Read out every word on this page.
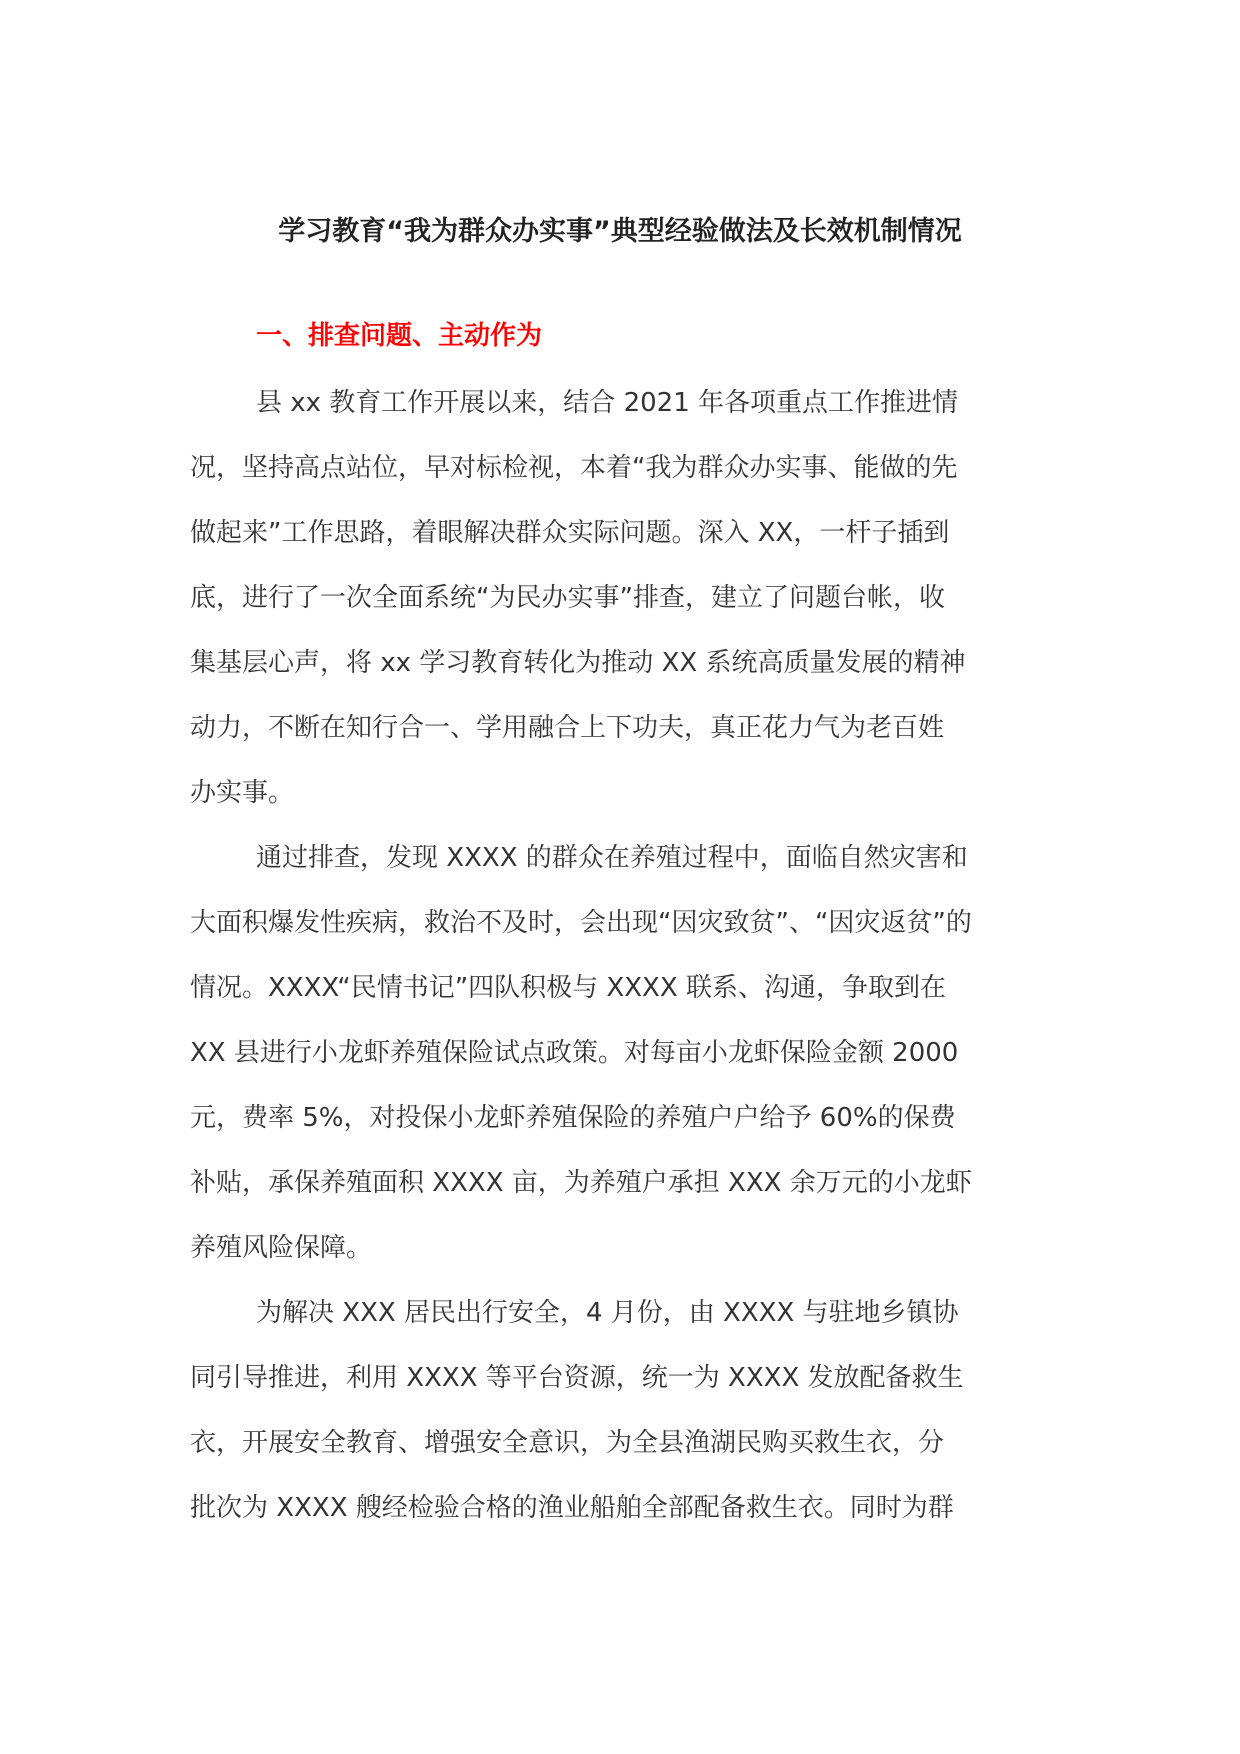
学习教育“我为群众办实事”典型经验做法及长效机制情况
一、排查问题、主动作为
县 xx 教育工作开展以来，结合 2021 年各项重点工作推进情
况，坚持高点站位，早对标检视，本着“我为群众办实事、能做的先
做起来”工作思路，着眼解决群众实际问题。深入 XX，一杆子插到
底，进行了一次全面系统“为民办实事”排查，建立了问题台帐，收
集基层心声，将 xx 学习教育转化为推动 XX 系统高质量发展的精神
动力，不断在知行合一、学用融合上下功夫，真正花力气为老百姓
办实事。
通过排查，发现 XXXX 的群众在养殖过程中，面临自然灾害和
大面积爆发性疾病，救治不及时，会出现“因灾致贫”、“因灾返贫”的
情况。XXXX“民情书记”四队积极与 XXXX 联系、沟通，争取到在
XX 县进行小龙虾养殖保险试点政策。对每亩小龙虾保险金额 2000
元，费率 5%，对投保小龙虾养殖保险的养殖户户给予 60%的保费
补贴，承保养殖面积 XXXX 亩，为养殖户承担 XXX 余万元的小龙虾
养殖风险保障。
为解决 XXX 居民出行安全，4 月份，由 XXXX 与驻地乡镇协
同引导推进，利用 XXXX 等平台资源，统一为 XXXX 发放配备救生
衣，开展安全教育、增强安全意识，为全县渔湖民购买救生衣，分
批次为 XXXX 艘经检验合格的渔业船舶全部配备救生衣。同时为群
